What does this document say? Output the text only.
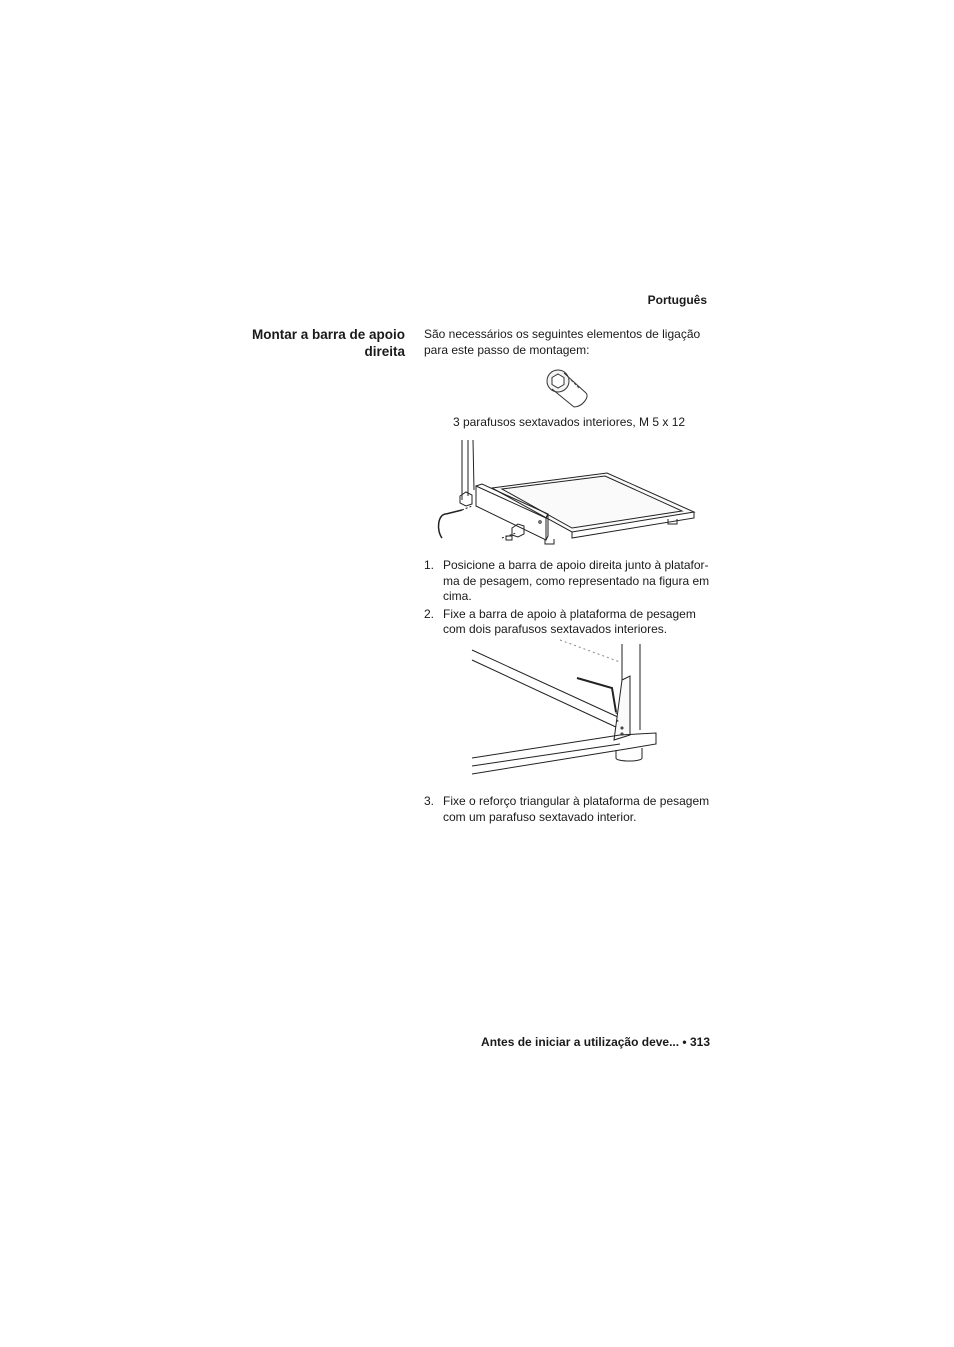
Português
Montar a barra de apoio
direita
São necessários os seguintes elementos de ligação
para este passo de montagem:
3 parafusos sextavados interiores, M 5 x 12
1. Posicione a barra de apoio direita junto à platafor-
ma de pesagem, como representado na figura em
cima.
2. Fixe a barra de apoio à plataforma de pesagem
com dois parafusos sextavados interiores.
3. Fixe o reforço triangular à plataforma de pesagem
com um parafuso sextavado interior.
Antes de iniciar a utilização deve... • 313
